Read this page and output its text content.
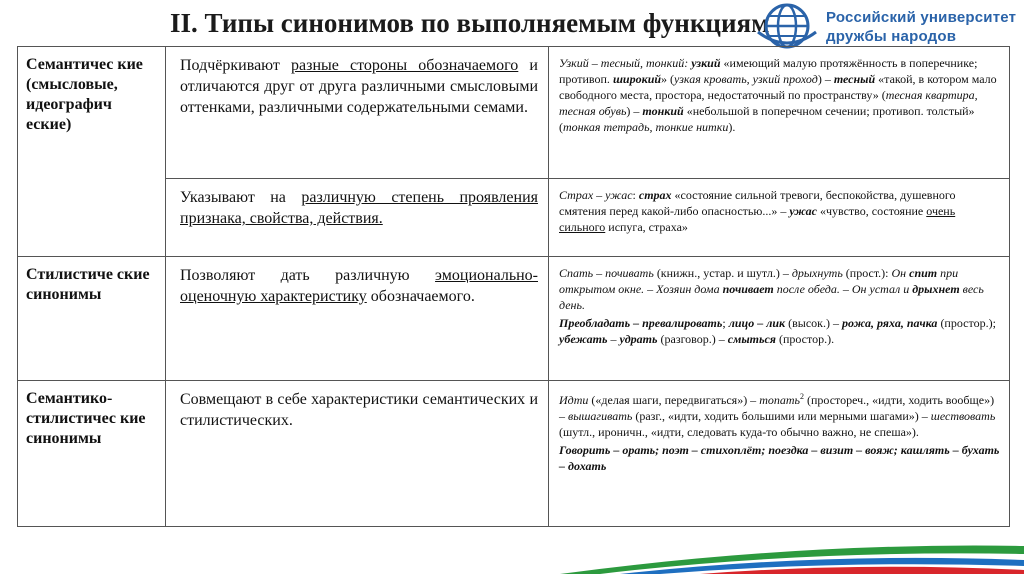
II. Типы синонимов по выполняемым функциям	Российский университет
дружбы народов
Семантичес кие (смысловые, идеографич еские)	Подчёркивают разные стороны обозначаемого и отличаются друг от друга различными смысловыми оттенками, различными содержательными семами.	Узкий – тесный, тонкий: узкий «имеющий малую протяжённость в поперечнике; противоп. широкий» (узкая кровать, узкий проход) – тесный «такой, в котором мало свободного места, простора, недостаточный по пространству» (тесная квартира, тесная обувь) – тонкий «небольшой в поперечном сечении; противоп. толстый» (тонкая тетрадь, тонкие нитки).
	Указывают на различную степень проявления признака, свойства, действия.	Страх – ужас: страх «состояние сильной тревоги, беспокойства, душевного смятения перед какой-либо опасностью...» – ужас «чувство, состояние очень сильного испуга, страха»
Стилистиче ские синонимы	Позволяют дать различную эмоционально-оценочную характеристику обозначаемого.	Спать – почивать (книжн., устар. и шутл.) – дрыхнуть (прост.): Он спит при открытом окне. – Хозяин дома почивает после обеда. – Он устал и дрыхнет весь день.
Преобладать – превалировать; лицо – лик (высок.) – рожа, ряха, пачка (простор.); убежать – удрать (разговор.) – смыться (простор.).

Семантико-стилистичес кие синонимы	Совмещают в себе характеристики семантических и стилистических.	Идти («делая шаги, передвигаться») – топать$^2$ (простореч., «идти, ходить вообще») – вышагивать (разг., «идти, ходить большими или мерными шагами») – шествовать (шутл., ироничн., «идти, следовать куда-то обычно важно, не спеша»).
Говорить – орать; поэт – стихоплёт; поездка – визит – вояж; кашлять – бухать – дохать
